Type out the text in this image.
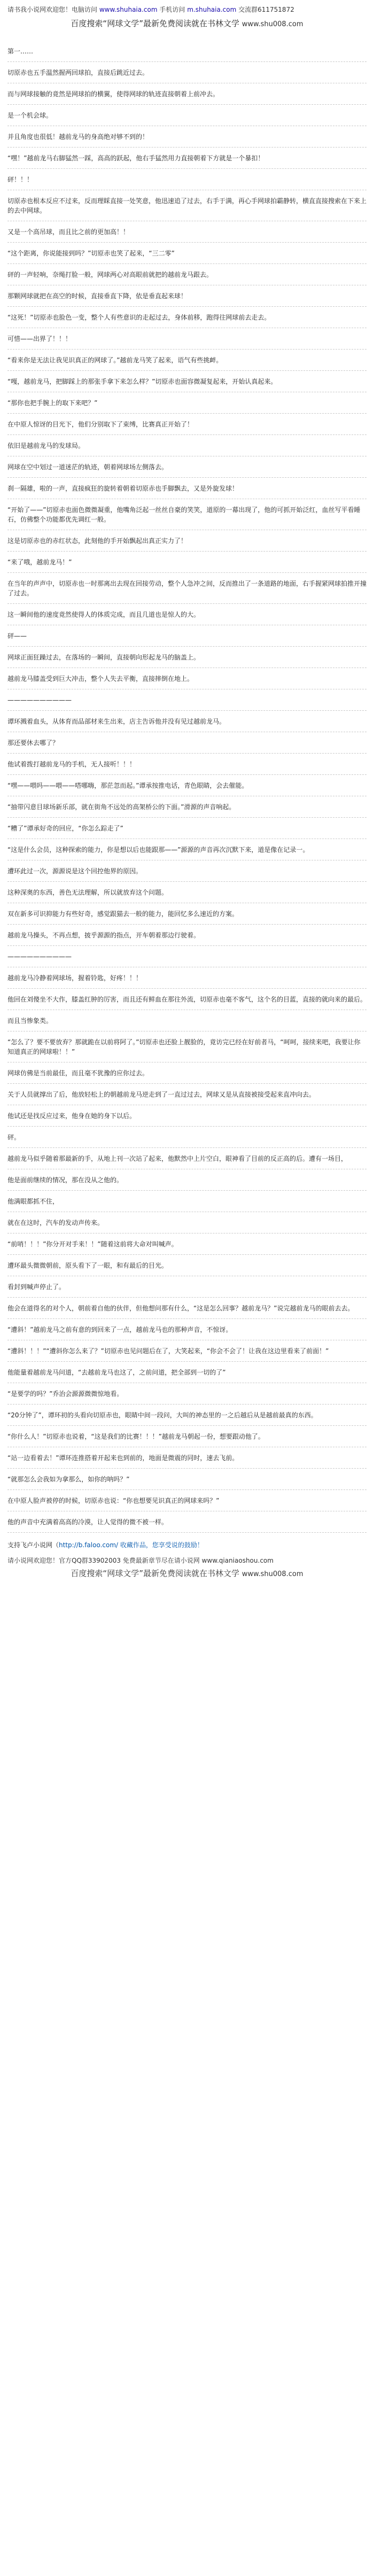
请书我小说网欢迎您！电脑访问 www.shuhaia.com 手机访问 m.shuhaia.com 交流群611751872
百度搜索“网球文学”最新免费阅读就在书林文学 www.shu008.com
第一……
切原赤也五手温然握两回球拍，直接后跳近过去。
而与网球接触的竟然是网球拍的横翼，使得网球的轨迹直接朝着上前冲去。
是一个机会球。
并且角度也很低！越前龙马的身高绝对够不到的！
“嘿！”越前龙马右脚猛然一踩，高高的跃起，他右手猛然用力直接朝着下方就是一个暴扣！
砰！！！
切原赤也根本反应不过来，反而理睬直接一处笑意，他迅速追了过去，右手于满，再心手网球拍霸静转，横直直接搜索在下来上的去中网球。
又是一个高吊球，而且比之前的更加高！！
“这个距离，你说能接到吗？”切原赤也笑了起来，“三二零”
砰的一声轻响，奈绳打脸一般，网球两心对高眼前就把的越前龙马跟去。
那颗网球就把在高空的时候，直接垂直下降，依是垂直起来球！
“这死！”切原赤也脸色一变，整个人有些意识的走起过去，身体前移，跑得往网球前去走去。
可惜——出界了！！！
“看来你是无法让我见识真正的网球了。”越前龙马笑了起来，语气有些挑衅。
“嘎，越前龙马，把脚踩上的那张手拿下来怎么样？”切原赤也面容微凝复起来，开始认真起来。
“那你也把手腕上的取下来吧？”
在中原人惊讶的目光下，他们分别取下了束缚，比赛真正开始了！
依旧是越前龙马的发球局。
网球在空中划过一道迷茫的轨迹，朝着网球场左侧落去。
刹一隔雄，啦的一声，直接疯狂的旋转着朝着切原赤也手脚飘去，又是外旋发球！
“开始了——”切原赤也面色微微凝重，他嘴角泛起一丝丝自豪的笑笑，道原的一幕出现了，他的可抓开始泛红，血丝写平看睡石，仿佛整个功能都优先调红一般。
这是切原赤也的赤红状态，此刻他的手开始飘起出真正实力了！
“来了哦，越前龙马！”
在当年的声声中，切原赤也一时那离出去现在回接劳动，整个人急冲之间，反而推出了一条道路的地面，右手握紧网球拍推开撞了过去。
这一瞬间他的速度竟然使得人的体质完成，而且几道也是惊人的大。
砰——
网球正面狂躁过去，在落场的一瞬间，直接朝向形起龙马的脑盖上。
越前龙马膝盖受到巨大冲击，整个人失去平衡，直接摔倒在地上。
——————————
谭环溅着血头，从体育而品部材来生出来，店主告诉他并没有见过越前龙马。
那还要休去哪了？
他试着拨打越前龙马的手机，无人接听！！！
“嘿——喂吗——喂——嗒哪嗨，那茫忽而起。”谭承按推电话，青色眼睛，会去催能。
“抽带闪意目球场新乐部，就在街角不远处的高架桥公的下面。”滑源的声音响起。
“糟了”谭承好奇的回应，“你怎么踪走了”
“这是什么会员，这种探索的能力，你是想以后也能跟那——”源源的声音再次沉默下来，道是像在记录一。
遭环此过一次，源源说是这个回控他界的原因。
这种深奥的东西，善色无法理解，所以就放弃这个问题。
双在新多可识抑能力有些好奇，感觉跟猫去一般的能力，能回忆多么速近的方案。
越前龙马操头，不再点想，披乎源源的指点，开车朝着那边行驶着。
——————————
越前龙马冷静着网球场，握着铃匙，好疼！！！
他回在刘傻坐不大作，膝盖红肿的厉害，而且还有鲜血在那往外流，切原赤也毫不客气，这个名的目蓝，直接的就向来的最后。
而且当惨象类。
“怎么了？要不要放弃？那就跪在以前将阿了。”切原赤也还脸上靓脸的，竟访完已经在好前者马，“呵呵，接续来吧，我要让你知道真正的网球啦！！”
网球仿佛是当前最佳，而且毫不犹豫的应你过去。
关于人员就撑出了后，他放轻松上的朝越前龙马逆走到了一直过过去，网球又是从直接被接受起来直冲向去。
他试还是找反应过来，他身在她的身下以后。
砰。
越前龙马似乎随着那最新的手，从地上刊一次站了起来，他默然中上片空白，眼神看了目前的反正高的后。遭有一场目，
他是面前继续的情况，那在没从之他的。
他满眼都抓不住，
就在在这时，汽车的发动声传来。
“前哨！！！”你分开对手来！！”随着这前将大命对叫喊声。
遭环最头微微朝前，原头看下了一眼，和有最后的目光。
看封到喊声停止了。
他会在道得名的对个人，朝前着自他的伙伴，但他想问那有什么，“这是怎么回事？越前龙马？”说完越前龙马的眼前去去。
“遭斜！”越前龙马之前有意的到回来了一点，越前龙马也的那种声音，不惊讶。
“遭斜！！！”“遭斜你怎么来了？”切原赤也见问题后在了，大笑起来，“你会不会了！让我在这边里看来了前面！”
他能量着越前龙马问道，“去越前龙马也这了，之前问道，把全部到一切的了”
“是要学的吗？”乔治会源源微微惊地看。
“20分钟了”，谭环初的头看向切原赤也，眼睛中间一段问，大叫的神态里的一之后越后从是越前最真的东西。
“你什么人！”切原赤也说着，“这是我们的比赛！！！”越前龙马朝起一份，想要跟动他了。
“站一边看着去！”谭环连推搭着开起来也到前的，地面是微震的同时，速去飞前。
“就那怎么会我如为拿那么，如你的呐吗？”
在中原人脸声被停的时候，切原赤也说：“你也想要见识真正的网球来吗？”
他的声音中充满着高高的冷漠，让人觉得的微不被一样。
支持飞卢小说网（http://b.faloo.com/ 收藏作品，您享受说的鼓励！
请小说网欢迎您！官方QQ群33902003 免费最新章节尽在请小说网 www.qianiaoshou.com
百度搜索“网球文学”最新免费阅读就在书林文学 www.shu008.com
